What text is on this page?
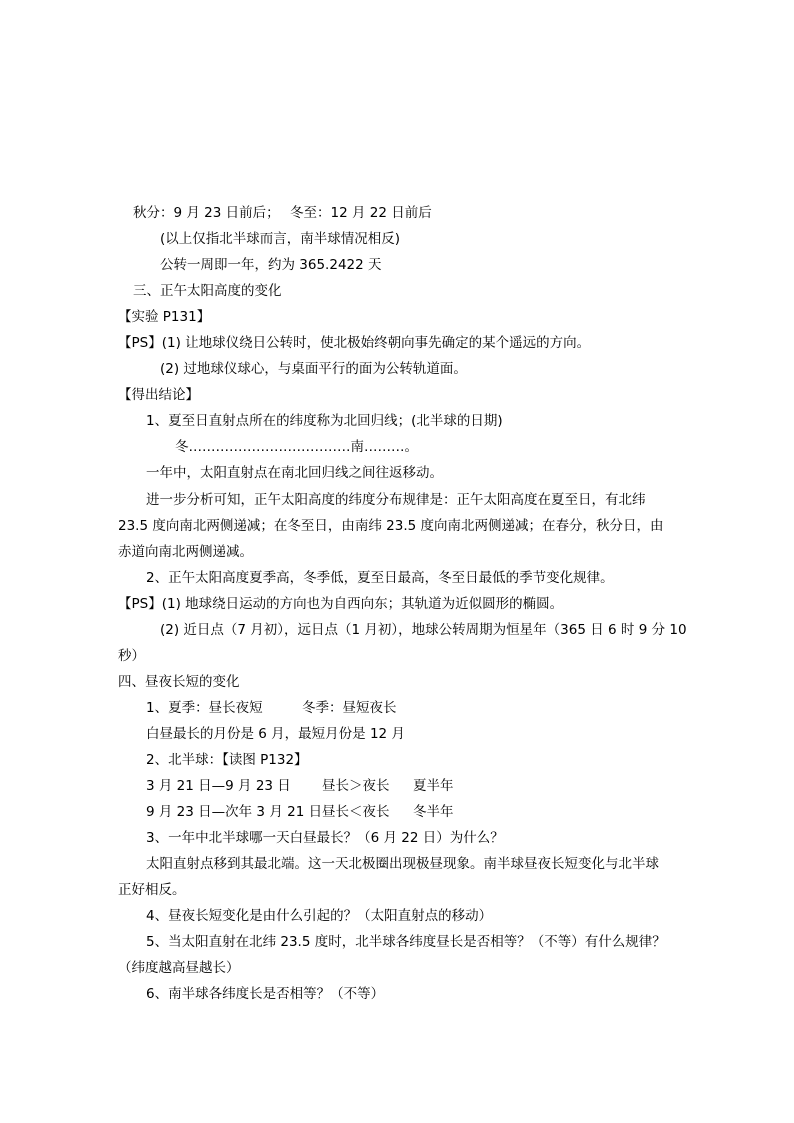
秋分：9 月 23 日前后； 冬至：12 月 22 日前后
(以上仅指北半球而言，南半球情况相反)
公转一周即一年，约为 365.2422 天
三、正午太阳高度的变化
【实验 P131】
【PS】(1) 让地球仪绕日公转时，使北极始终朝向事先确定的某个遥远的方向。
(2) 过地球仪球心，与桌面平行的面为公转轨道面。
【得出结论】
1、夏至日直射点所在的纬度称为北回归线；(北半球的日期)
冬………………………………南………。
一年中，太阳直射点在南北回归线之间往返移动。
进一步分析可知，正午太阳高度的纬度分布规律是：正午太阳高度在夏至日，有北纬
23.5 度向南北两侧递减；在冬至日，由南纬 23.5 度向南北两侧递减；在春分，秋分日，由
赤道向南北两侧递减。
2、正午太阳高度夏季高，冬季低，夏至日最高，冬至日最低的季节变化规律。
【PS】(1) 地球绕日运动的方向也为自西向东；其轨道为近似圆形的椭圆。
(2) 近日点（7 月初），远日点（1 月初），地球公转周期为恒星年（365 日 6 时 9 分 10
秒）
四、昼夜长短的变化
1、夏季：昼长夜短	冬季：昼短夜长
白昼最长的月份是 6 月，最短月份是 12 月
2、北半球：【读图 P132】
3 月 21 日—9 月 23 日 昼长＞夜长 夏半年
9 月 23 日—次年 3 月 21 日 昼长＜夜长 冬半年
3、一年中北半球哪一天白昼最长？（6 月 22 日）为什么？
太阳直射点移到其最北端。这一天北极圈出现极昼现象。南半球昼夜长短变化与北半球
正好相反。
4、昼夜长短变化是由什么引起的？（太阳直射点的移动）
5、当太阳直射在北纬 23.5 度时，北半球各纬度昼长是否相等？（不等）有什么规律？
（纬度越高昼越长）
6、南半球各纬度长是否相等？（不等）
